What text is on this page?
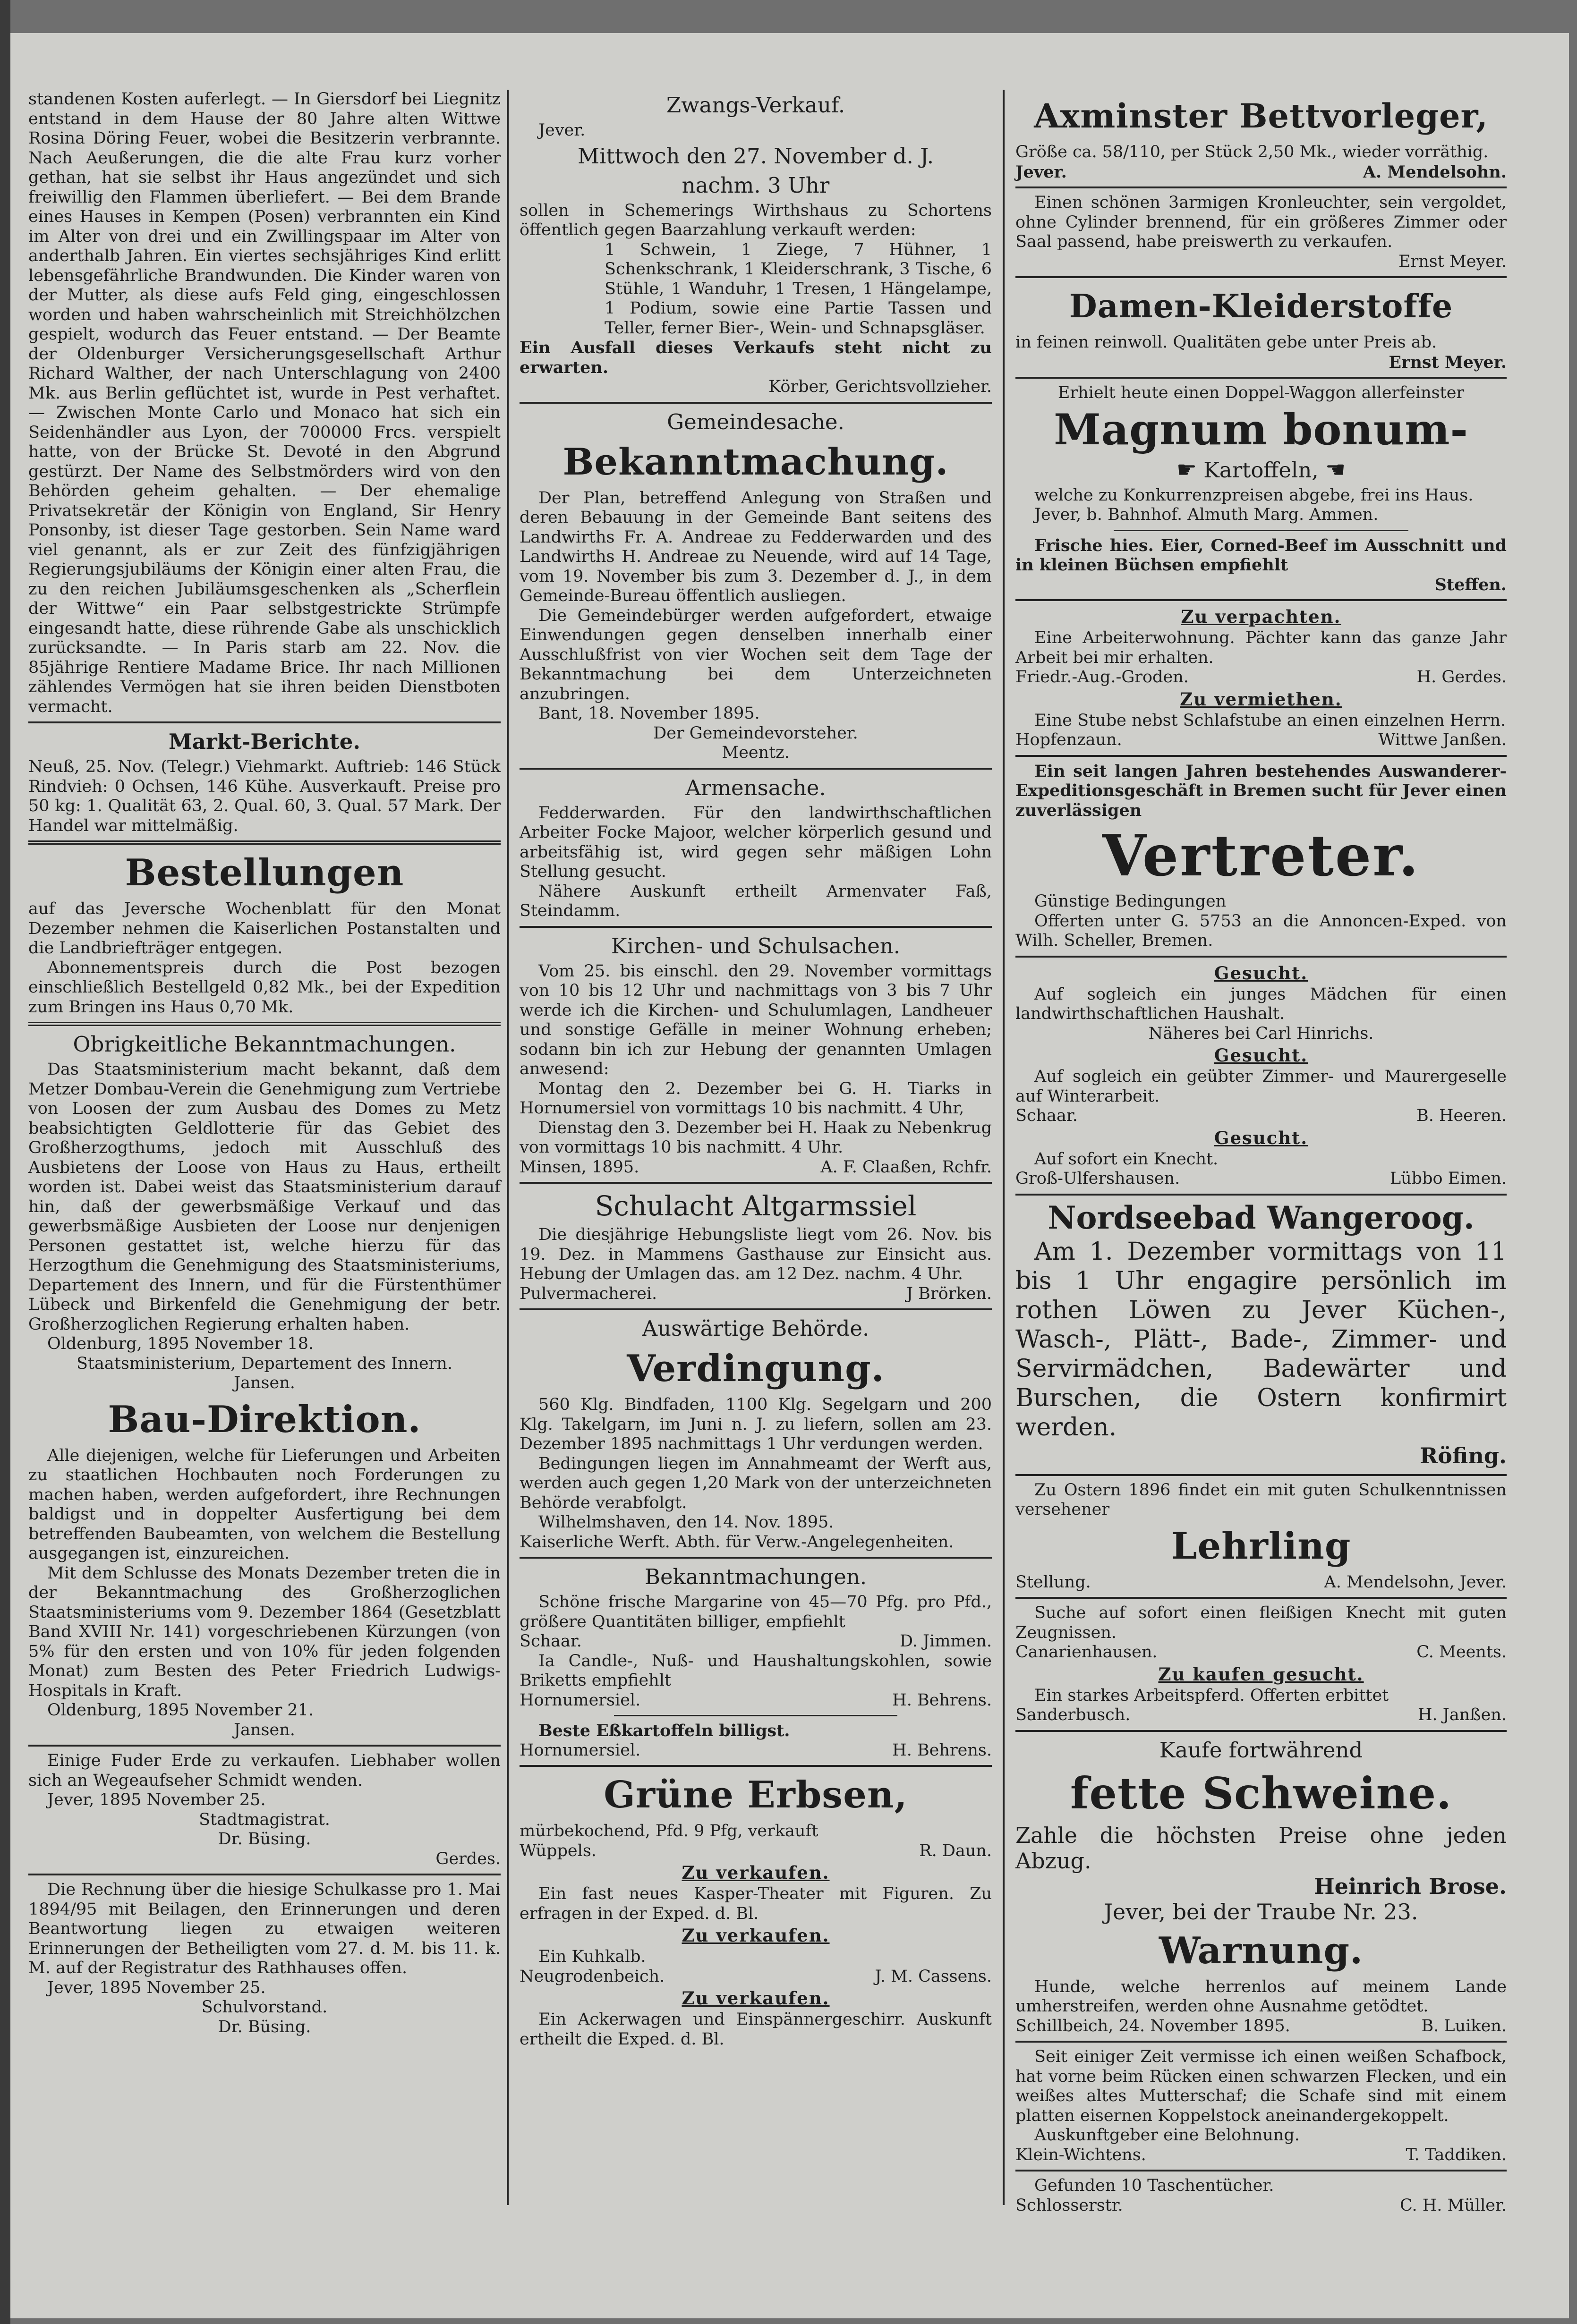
standenen Kosten auferlegt. — In Giersdorf bei Liegnitz entstand in dem Hause der 80 Jahre alten Wittwe Rosina Döring Feuer, wobei die Besitzerin verbrannte. Nach Aeußerungen, die die alte Frau kurz vorher gethan, hat sie selbst ihr Haus angezündet und sich freiwillig den Flammen überliefert. — Bei dem Brande eines Hauses in Kempen (Posen) verbrannten ein Kind im Alter von drei und ein Zwillingspaar im Alter von anderthalb Jahren. Ein viertes sechsjähriges Kind erlitt lebensgefährliche Brandwunden. Die Kinder waren von der Mutter, als diese aufs Feld ging, eingeschlossen worden und haben wahrscheinlich mit Streichhölzchen gespielt, wodurch das Feuer entstand. — Der Beamte der Oldenburger Versicherungsgesellschaft Arthur Richard Walther, der nach Unterschlagung von 2400 Mk. aus Berlin geflüchtet ist, wurde in Pest verhaftet. — Zwischen Monte Carlo und Monaco hat sich ein Seidenhändler aus Lyon, der 700000 Frcs. verspielt hatte, von der Brücke St. Devoté in den Abgrund gestürzt. Der Name des Selbstmörders wird von den Behörden geheim gehalten. — Der ehemalige Privatsekretär der Königin von England, Sir Henry Ponsonby, ist dieser Tage gestorben. Sein Name ward viel genannt, als er zur Zeit des fünfzigjährigen Regierungsjubiläums der Königin einer alten Frau, die zu den reichen Jubiläumsgeschenken als „Scherflein der Wittwe“ ein Paar selbstgestrickte Strümpfe eingesandt hatte, diese rührende Gabe als unschicklich zurücksandte. — In Paris starb am 22. Nov. die 85jährige Rentiere Madame Brice. Ihr nach Millionen zählendes Vermögen hat sie ihren beiden Dienstboten vermacht.

Markt-Berichte.

Neuß, 25. Nov. (Telegr.) Viehmarkt. Auftrieb: 146 Stück Rindvieh: 0 Ochsen, 146 Kühe. Ausverkauft. Preise pro 50 kg: 1. Qualität 63, 2. Qual. 60, 3. Qual. 57 Mark. Der Handel war mittelmäßig.

Bestellungen

auf das Jeversche Wochenblatt für den Monat Dezember nehmen die Kaiserlichen Postanstalten und die Landbriefträger entgegen.

Abonnementspreis durch die Post bezogen einschließlich Bestellgeld 0,82 Mk., bei der Expedition zum Bringen ins Haus 0,70 Mk.

Obrigkeitliche Bekanntmachungen.

Das Staatsministerium macht bekannt, daß dem Metzer Dombau-Verein die Genehmigung zum Vertriebe von Loosen der zum Ausbau des Domes zu Metz beabsichtigten Geldlotterie für das Gebiet des Großherzogthums, jedoch mit Ausschluß des Ausbietens der Loose von Haus zu Haus, ertheilt worden ist. Dabei weist das Staatsministerium darauf hin, daß der gewerbsmäßige Verkauf und das gewerbsmäßige Ausbieten der Loose nur denjenigen Personen gestattet ist, welche hierzu für das Herzogthum die Genehmigung des Staatsministeriums, Departement des Innern, und für die Fürstenthümer Lübeck und Birkenfeld die Genehmigung der betr. Großherzoglichen Regierung erhalten haben.

Oldenburg, 1895 November 18.

Staatsministerium, Departement des Innern.

Jansen.

Bau-Direktion.

Alle diejenigen, welche für Lieferungen und Arbeiten zu staatlichen Hochbauten noch Forderungen zu machen haben, werden aufgefordert, ihre Rechnungen baldigst und in doppelter Ausfertigung bei dem betreffenden Baubeamten, von welchem die Bestellung ausgegangen ist, einzureichen.

Mit dem Schlusse des Monats Dezember treten die in der Bekanntmachung des Großherzoglichen Staatsministeriums vom 9. Dezember 1864 (Gesetzblatt Band XVIII Nr. 141) vorgeschriebenen Kürzungen (von 5% für den ersten und von 10% für jeden folgenden Monat) zum Besten des Peter Friedrich Ludwigs-Hospitals in Kraft.

Oldenburg, 1895 November 21.

Jansen.

Einige Fuder Erde zu verkaufen. Liebhaber wollen sich an Wegeaufseher Schmidt wenden.

Jever, 1895 November 25.

Stadtmagistrat.

Dr. Büsing.

Gerdes.

Die Rechnung über die hiesige Schulkasse pro 1. Mai 1894/95 mit Beilagen, den Erinnerungen und deren Beantwortung liegen zu etwaigen weiteren Erinnerungen der Betheiligten vom 27. d. M. bis 11. k. M. auf der Registratur des Rathhauses offen.

Jever, 1895 November 25.

Schulvorstand.

Dr. Büsing.

Zwangs-Verkauf.

Jever.

Mittwoch den 27. November d. J.
nachm. 3 Uhr

sollen in Schemerings Wirthshaus zu Schortens öffentlich gegen Baarzahlung verkauft werden:

1 Schwein, 1 Ziege, 7 Hühner, 1 Schenkschrank, 1 Kleiderschrank, 3 Tische, 6 Stühle, 1 Wanduhr, 1 Tresen, 1 Hängelampe, 1 Podium, sowie eine Partie Tassen und Teller, ferner Bier-, Wein- und Schnapsgläser.

Ein Ausfall dieses Verkaufs steht nicht zu erwarten.

Körber, Gerichtsvollzieher.

Gemeindesache.
Bekanntmachung.

Der Plan, betreffend Anlegung von Straßen und deren Bebauung in der Gemeinde Bant seitens des Landwirths Fr. A. Andreae zu Fedderwarden und des Landwirths H. Andreae zu Neuende, wird auf 14 Tage, vom 19. November bis zum 3. Dezember d. J., in dem Gemeinde-Bureau öffentlich ausliegen.

Die Gemeindebürger werden aufgefordert, etwaige Einwendungen gegen denselben innerhalb einer Ausschlußfrist von vier Wochen seit dem Tage der Bekanntmachung bei dem Unterzeichneten anzubringen.

Bant, 18. November 1895.

Der Gemeindevorsteher.

Meentz.

Armensache.

Fedderwarden. Für den landwirthschaftlichen Arbeiter Focke Majoor, welcher körperlich gesund und arbeitsfähig ist, wird gegen sehr mäßigen Lohn Stellung gesucht.

Nähere Auskunft ertheilt Armenvater Faß, Steindamm.

Kirchen- und Schulsachen.

Vom 25. bis einschl. den 29. November vormittags von 10 bis 12 Uhr und nachmittags von 3 bis 7 Uhr werde ich die Kirchen- und Schulumlagen, Landheuer und sonstige Gefälle in meiner Wohnung erheben; sodann bin ich zur Hebung der genannten Umlagen anwesend:

Montag den 2. Dezember bei G. H. Tiarks in Hornumersiel von vormittags 10 bis nachmitt. 4 Uhr,

Dienstag den 3. Dezember bei H. Haak zu Nebenkrug von vormittags 10 bis nachmitt. 4 Uhr.

Minsen, 1895.	A. F. Claaßen, Rchfr.
Schulacht Altgarmssiel

Die diesjährige Hebungsliste liegt vom 26. Nov. bis 19. Dez. in Mammens Gasthause zur Einsicht aus. Hebung der Umlagen das. am 12 Dez. nachm. 4 Uhr.

Pulvermacherei.	J Brörken.
Auswärtige Behörde.
Verdingung.

560 Klg. Bindfaden, 1100 Klg. Segelgarn und 200 Klg. Takelgarn, im Juni n. J. zu liefern, sollen am 23. Dezember 1895 nachmittags 1 Uhr verdungen werden.

Bedingungen liegen im Annahmeamt der Werft aus, werden auch gegen 1,20 Mark von der unterzeichneten Behörde verabfolgt.

Wilhelmshaven, den 14. Nov. 1895.

Kaiserliche Werft. Abth. für Verw.-Angelegenheiten.

Bekanntmachungen.

Schöne frische Margarine von 45—70 Pfg. pro Pfd., größere Quantitäten billiger, empfiehlt

Schaar.	D. Jimmen.

Ia Candle-, Nuß- und Haushaltungskohlen, sowie Briketts empfiehlt

Hornumersiel.	H. Behrens.

Beste Eßkartoffeln billigst.

Hornumersiel.	H. Behrens.
Grüne Erbsen,

mürbekochend, Pfd. 9 Pfg, verkauft

Wüppels.	R. Daun.
Zu verkaufen.

Ein fast neues Kasper-Theater mit Figuren. Zu erfragen in der Exped. d. Bl.

Zu verkaufen.

Ein Kuhkalb.

Neugrodenbeich.	J. M. Cassens.
Zu verkaufen.

Ein Ackerwagen und Einspännergeschirr. Auskunft ertheilt die Exped. d. Bl.

Axminster Bettvorleger,

Größe ca. 58/110, per Stück 2,50 Mk., wieder vorräthig.

Jever.	A. Mendelsohn.

Einen schönen 3armigen Kronleuchter, sein vergoldet, ohne Cylinder brennend, für ein größeres Zimmer oder Saal passend, habe preiswerth zu verkaufen.

Ernst Meyer.

Damen-Kleiderstoffe

in feinen reinwoll. Qualitäten gebe unter Preis ab.

Ernst Meyer.

Erhielt heute einen Doppel-Waggon allerfeinster

Magnum bonum-
☛ Kartoffeln, ☚

welche zu Konkurrenzpreisen abgebe, frei ins Haus.

Jever, b. Bahnhof. Almuth Marg. Ammen.

Frische hies. Eier, Corned-Beef im Ausschnitt und in kleinen Büchsen empfiehlt

Steffen.

Zu verpachten.

Eine Arbeiterwohnung. Pächter kann das ganze Jahr Arbeit bei mir erhalten.

Friedr.-Aug.-Groden.	H. Gerdes.
Zu vermiethen.

Eine Stube nebst Schlafstube an einen einzelnen Herrn.

Hopfenzaun.	Wittwe Janßen.

Ein seit langen Jahren bestehendes Auswanderer-Expeditionsgeschäft in Bremen sucht für Jever einen zuverlässigen

Vertreter.

Günstige Bedingungen

Offerten unter G. 5753 an die Annoncen-Exped. von Wilh. Scheller, Bremen.

Gesucht.

Auf sogleich ein junges Mädchen für einen landwirthschaftlichen Haushalt.

Näheres bei Carl Hinrichs.

Gesucht.

Auf sogleich ein geübter Zimmer- und Maurergeselle auf Winterarbeit.

Schaar.	B. Heeren.
Gesucht.

Auf sofort ein Knecht.

Groß-Ulfershausen.	Lübbo Eimen.
Nordseebad Wangeroog.

Am 1. Dezember vormittags von 11 bis 1 Uhr engagire persönlich im rothen Löwen zu Jever Küchen-, Wasch-, Plätt-, Bade-, Zimmer- und Servirmädchen, Badewärter und Burschen, die Ostern konfirmirt werden.

Röfing.

Zu Ostern 1896 findet ein mit guten Schulkenntnissen versehener

Lehrling
Stellung.	A. Mendelsohn, Jever.

Suche auf sofort einen fleißigen Knecht mit guten Zeugnissen.

Canarienhausen.	C. Meents.
Zu kaufen gesucht.

Ein starkes Arbeitspferd. Offerten erbittet

Sanderbusch.	H. Janßen.
Kaufe fortwährend
fette Schweine.

Zahle die höchsten Preise ohne jeden Abzug.

Heinrich Brose.

Jever, bei der Traube Nr. 23.

Warnung.

Hunde, welche herrenlos auf meinem Lande umherstreifen, werden ohne Ausnahme getödtet.

Schillbeich, 24. November 1895.	B. Luiken.

Seit einiger Zeit vermisse ich einen weißen Schafbock, hat vorne beim Rücken einen schwarzen Flecken, und ein weißes altes Mutterschaf; die Schafe sind mit einem platten eisernen Koppelstock aneinandergekoppelt.

Auskunftgeber eine Belohnung.

Klein-Wichtens.	T. Taddiken.

Gefunden 10 Taschentücher.

Schlosserstr.	C. H. Müller.
